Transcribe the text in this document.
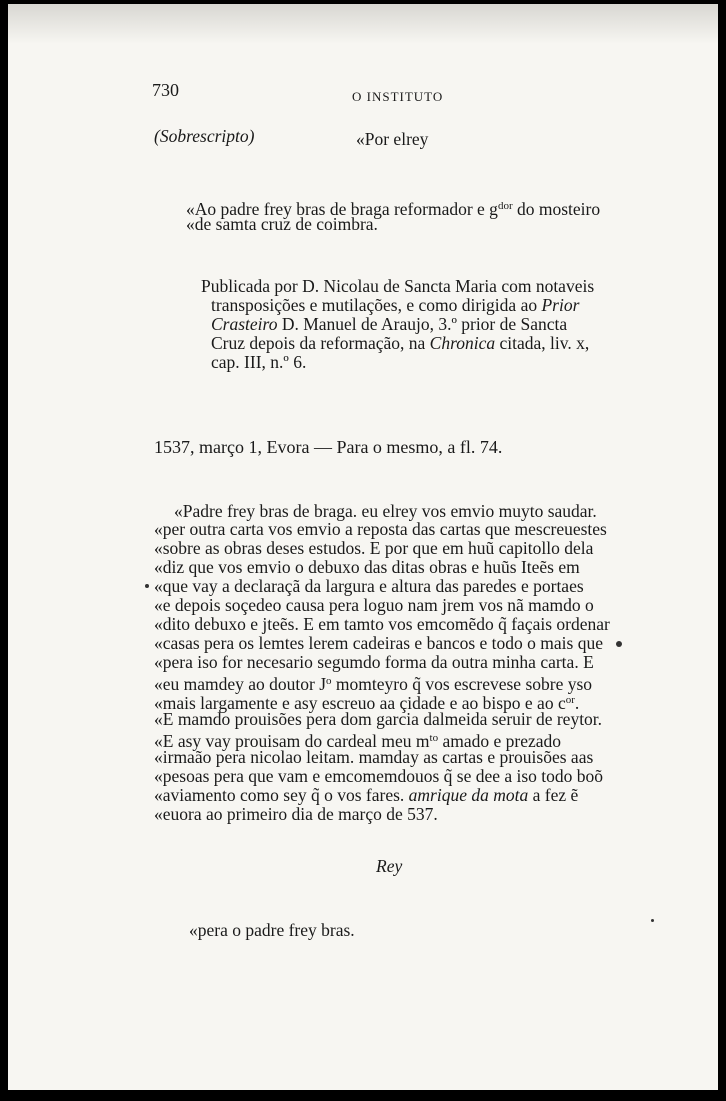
730	O INSTITUTO
(Sobrescripto)	«Por elrey
«Ao padre frey bras de braga reformador e $g^{dor}$ do mosteiro
«de samta cruz de coimbra.
Publicada por D. Nicolau de Sancta Maria com notaveis
transposições e mutilações, e como dirigida ao Prior
Crasteiro D. Manuel de Araujo, 3.º prior de Sancta
Cruz depois da reformação, na Chronica citada, liv. x,
cap. III, n.º 6.
1537, março 1, Evora — Para o mesmo, a fl. 74.
«Padre frey bras de braga. eu elrey vos emvio muyto saudar.
«per outra carta vos emvio a reposta das cartas que mescreuestes
«sobre as obras deses estudos. E por que em huũ capitollo dela
«diz que vos emvio o debuxo das ditas obras e huũs Iteẽs em
«que vay a declaraçã da largura e altura das paredes e portaes
«e depois soçedeo causa pera loguo nam jrem vos nã mamdo o
«dito debuxo e jteẽs. E em tamto vos emcomẽdo q̃ façais ordenar
«casas pera os lemtes lerem cadeiras e bancos e todo o mais que
«pera iso for necesario segumdo forma da outra minha carta. E
«eu mamdey ao doutor $J^o$ momteyro q̃ vos escrevese sobre yso
«mais largamente e asy escreuo aa çidade e ao bispo e ao $c^{or}$.
«E mamdo prouisões pera dom garcia dalmeida seruir de reytor.
«E asy vay prouisam do cardeal meu $m^{to}$ amado e prezado
«irmaão pera nicolao leitam. mamday as cartas e prouisões aas
«pesoas pera que vam e emcomemdouos q̃ se dee a iso todo boõ
«aviamento como sey q̃ o vos fares. amrique da mota a fez ẽ
«euora ao primeiro dia de março de 537.
Rey
«pera o padre frey bras.
